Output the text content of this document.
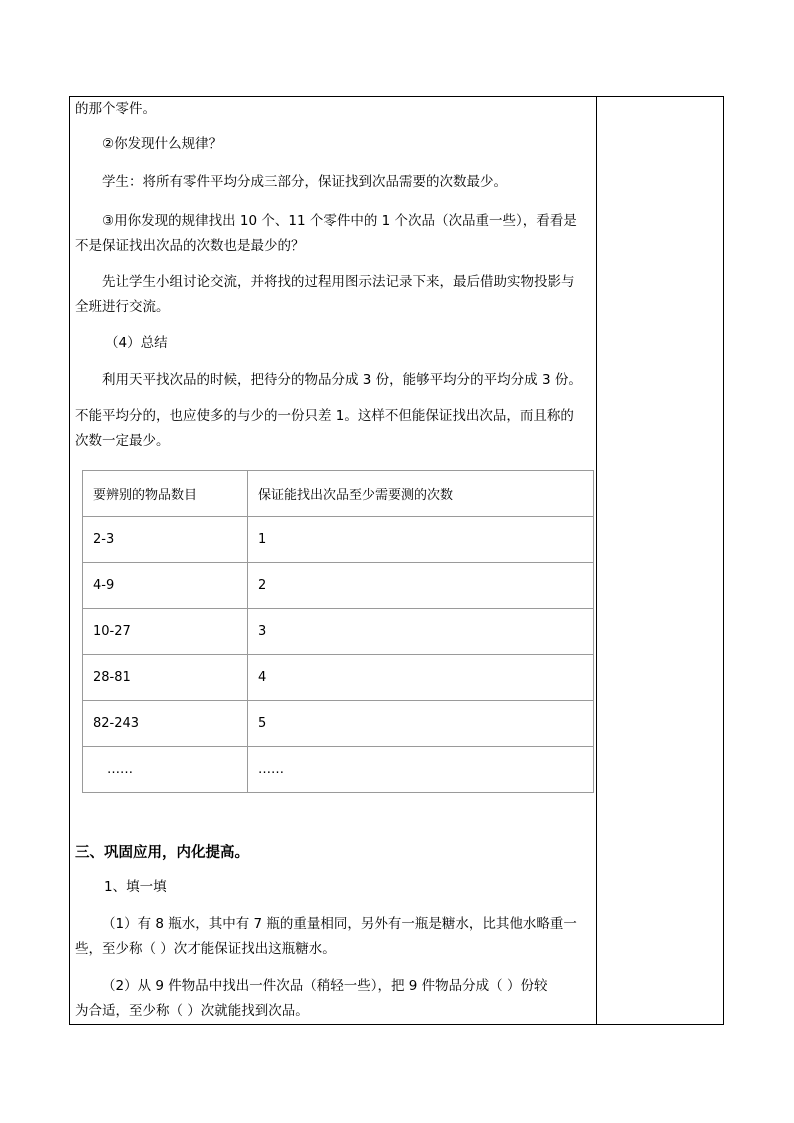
的那个零件。
②你发现什么规律？
学生：将所有零件平均分成三部分，保证找到次品需要的次数最少。
③用你发现的规律找出 10 个、11 个零件中的 1 个次品（次品重一些），看看是
不是保证找出次品的次数也是最少的？
先让学生小组讨论交流，并将找的过程用图示法记录下来，最后借助实物投影与
全班进行交流。
（4）总结
利用天平找次品的时候，把待分的物品分成 3 份，能够平均分的平均分成 3 份。
不能平均分的，也应使多的与少的一份只差 1。这样不但能保证找出次品，而且称的
次数一定最少。
要辨别的物品数目	保证能找出次品至少需要测的次数
2-3	1
4-9	2
10-27	3
28-81	4
82-243	5
……	……
三、巩固应用，内化提高。
1、填一填
（1）有 8 瓶水，其中有 7 瓶的重量相同，另外有一瓶是糖水，比其他水略重一
些，至少称（ ）次才能保证找出这瓶糖水。
（2）从 9 件物品中找出一件次品（稍轻一些），把 9 件物品分成（ ）份较
为合适，至少称（ ）次就能找到次品。
